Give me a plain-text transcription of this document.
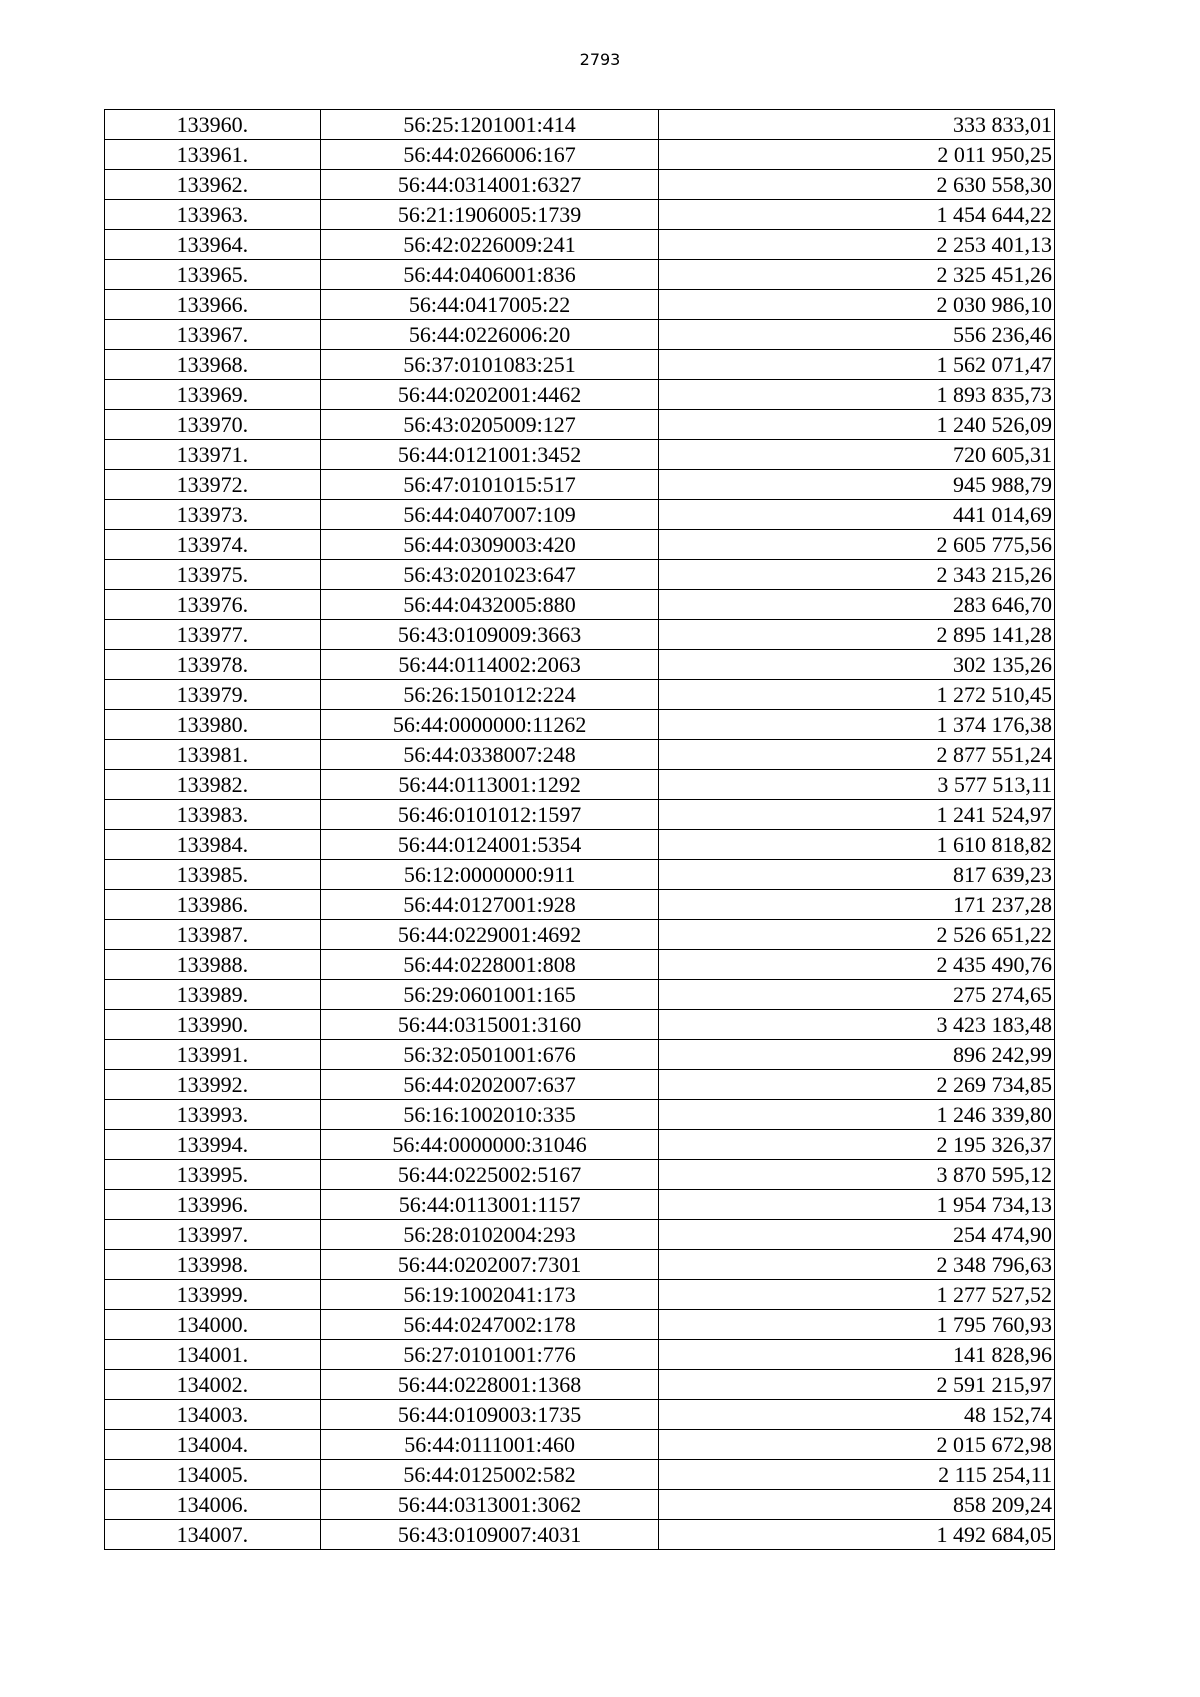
2793
133960.	56:25:1201001:414	333 833,01
133961.	56:44:0266006:167	2 011 950,25
133962.	56:44:0314001:6327	2 630 558,30
133963.	56:21:1906005:1739	1 454 644,22
133964.	56:42:0226009:241	2 253 401,13
133965.	56:44:0406001:836	2 325 451,26
133966.	56:44:0417005:22	2 030 986,10
133967.	56:44:0226006:20	556 236,46
133968.	56:37:0101083:251	1 562 071,47
133969.	56:44:0202001:4462	1 893 835,73
133970.	56:43:0205009:127	1 240 526,09
133971.	56:44:0121001:3452	720 605,31
133972.	56:47:0101015:517	945 988,79
133973.	56:44:0407007:109	441 014,69
133974.	56:44:0309003:420	2 605 775,56
133975.	56:43:0201023:647	2 343 215,26
133976.	56:44:0432005:880	283 646,70
133977.	56:43:0109009:3663	2 895 141,28
133978.	56:44:0114002:2063	302 135,26
133979.	56:26:1501012:224	1 272 510,45
133980.	56:44:0000000:11262	1 374 176,38
133981.	56:44:0338007:248	2 877 551,24
133982.	56:44:0113001:1292	3 577 513,11
133983.	56:46:0101012:1597	1 241 524,97
133984.	56:44:0124001:5354	1 610 818,82
133985.	56:12:0000000:911	817 639,23
133986.	56:44:0127001:928	171 237,28
133987.	56:44:0229001:4692	2 526 651,22
133988.	56:44:0228001:808	2 435 490,76
133989.	56:29:0601001:165	275 274,65
133990.	56:44:0315001:3160	3 423 183,48
133991.	56:32:0501001:676	896 242,99
133992.	56:44:0202007:637	2 269 734,85
133993.	56:16:1002010:335	1 246 339,80
133994.	56:44:0000000:31046	2 195 326,37
133995.	56:44:0225002:5167	3 870 595,12
133996.	56:44:0113001:1157	1 954 734,13
133997.	56:28:0102004:293	254 474,90
133998.	56:44:0202007:7301	2 348 796,63
133999.	56:19:1002041:173	1 277 527,52
134000.	56:44:0247002:178	1 795 760,93
134001.	56:27:0101001:776	141 828,96
134002.	56:44:0228001:1368	2 591 215,97
134003.	56:44:0109003:1735	48 152,74
134004.	56:44:0111001:460	2 015 672,98
134005.	56:44:0125002:582	2 115 254,11
134006.	56:44:0313001:3062	858 209,24
134007.	56:43:0109007:4031	1 492 684,05
